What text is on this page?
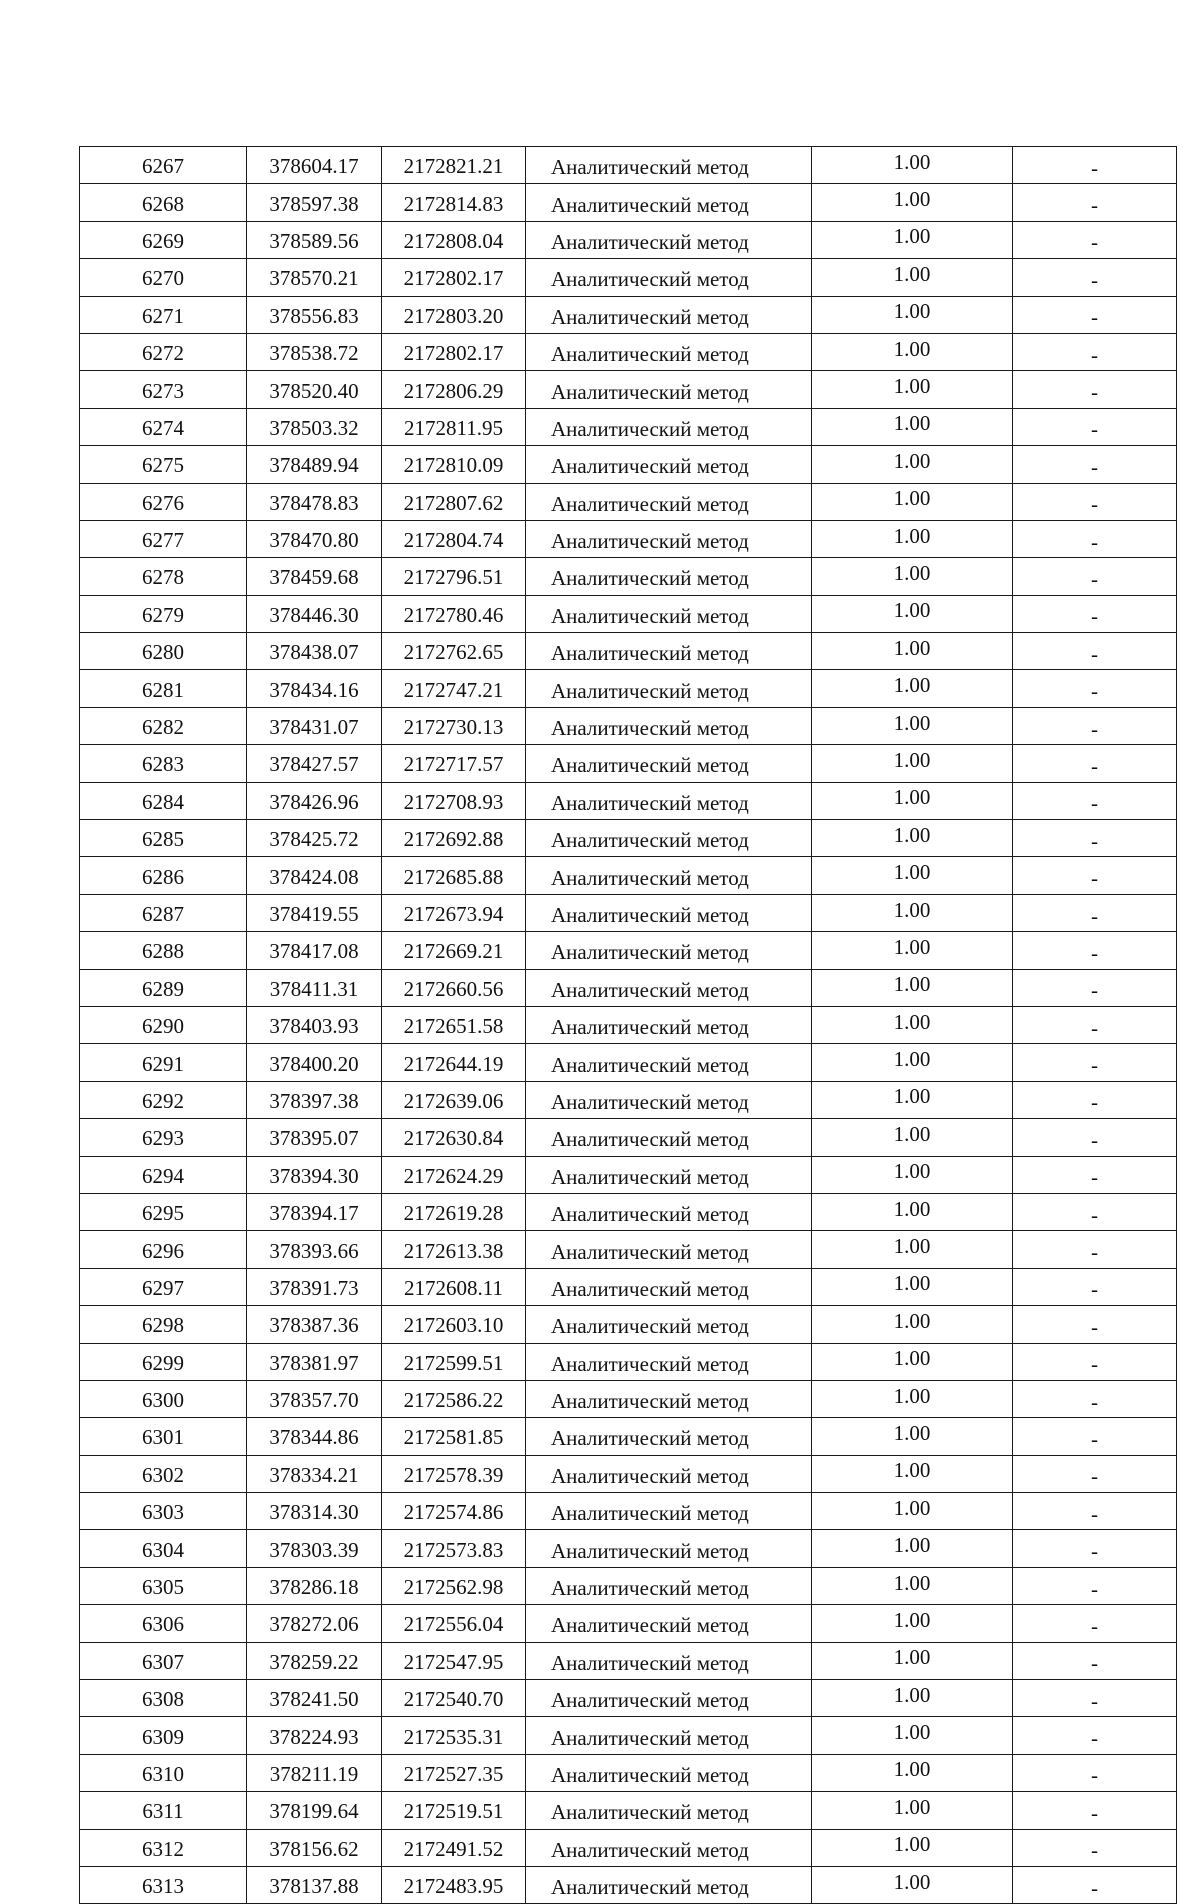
6267	378604.17	2172821.21	Аналитический метод	1.00	-
6268	378597.38	2172814.83	Аналитический метод	1.00	-
6269	378589.56	2172808.04	Аналитический метод	1.00	-
6270	378570.21	2172802.17	Аналитический метод	1.00	-
6271	378556.83	2172803.20	Аналитический метод	1.00	-
6272	378538.72	2172802.17	Аналитический метод	1.00	-
6273	378520.40	2172806.29	Аналитический метод	1.00	-
6274	378503.32	2172811.95	Аналитический метод	1.00	-
6275	378489.94	2172810.09	Аналитический метод	1.00	-
6276	378478.83	2172807.62	Аналитический метод	1.00	-
6277	378470.80	2172804.74	Аналитический метод	1.00	-
6278	378459.68	2172796.51	Аналитический метод	1.00	-
6279	378446.30	2172780.46	Аналитический метод	1.00	-
6280	378438.07	2172762.65	Аналитический метод	1.00	-
6281	378434.16	2172747.21	Аналитический метод	1.00	-
6282	378431.07	2172730.13	Аналитический метод	1.00	-
6283	378427.57	2172717.57	Аналитический метод	1.00	-
6284	378426.96	2172708.93	Аналитический метод	1.00	-
6285	378425.72	2172692.88	Аналитический метод	1.00	-
6286	378424.08	2172685.88	Аналитический метод	1.00	-
6287	378419.55	2172673.94	Аналитический метод	1.00	-
6288	378417.08	2172669.21	Аналитический метод	1.00	-
6289	378411.31	2172660.56	Аналитический метод	1.00	-
6290	378403.93	2172651.58	Аналитический метод	1.00	-
6291	378400.20	2172644.19	Аналитический метод	1.00	-
6292	378397.38	2172639.06	Аналитический метод	1.00	-
6293	378395.07	2172630.84	Аналитический метод	1.00	-
6294	378394.30	2172624.29	Аналитический метод	1.00	-
6295	378394.17	2172619.28	Аналитический метод	1.00	-
6296	378393.66	2172613.38	Аналитический метод	1.00	-
6297	378391.73	2172608.11	Аналитический метод	1.00	-
6298	378387.36	2172603.10	Аналитический метод	1.00	-
6299	378381.97	2172599.51	Аналитический метод	1.00	-
6300	378357.70	2172586.22	Аналитический метод	1.00	-
6301	378344.86	2172581.85	Аналитический метод	1.00	-
6302	378334.21	2172578.39	Аналитический метод	1.00	-
6303	378314.30	2172574.86	Аналитический метод	1.00	-
6304	378303.39	2172573.83	Аналитический метод	1.00	-
6305	378286.18	2172562.98	Аналитический метод	1.00	-
6306	378272.06	2172556.04	Аналитический метод	1.00	-
6307	378259.22	2172547.95	Аналитический метод	1.00	-
6308	378241.50	2172540.70	Аналитический метод	1.00	-
6309	378224.93	2172535.31	Аналитический метод	1.00	-
6310	378211.19	2172527.35	Аналитический метод	1.00	-
6311	378199.64	2172519.51	Аналитический метод	1.00	-
6312	378156.62	2172491.52	Аналитический метод	1.00	-
6313	378137.88	2172483.95	Аналитический метод	1.00	-
